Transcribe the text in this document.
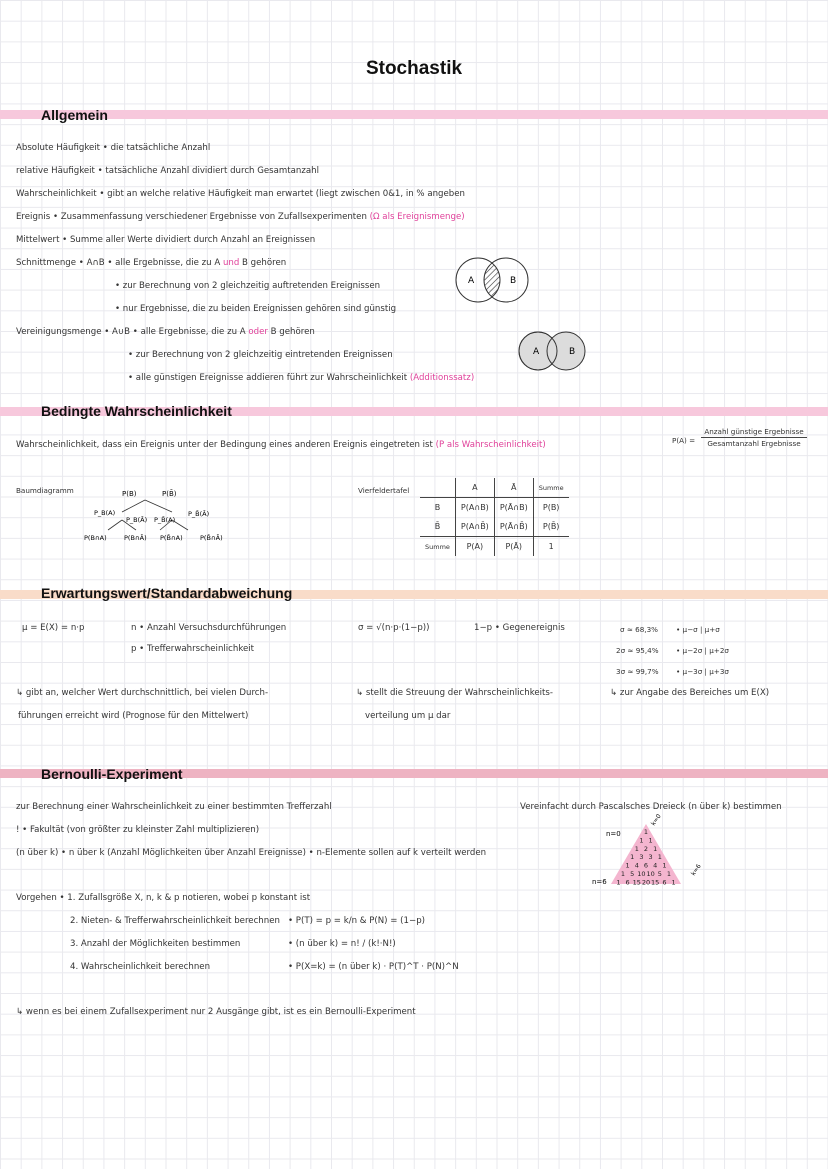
Stochastik
Allgemein
Absolute Häufigkeit • die tatsächliche Anzahl
relative Häufigkeit • tatsächliche Anzahl dividiert durch Gesamtanzahl
Wahrscheinlichkeit • gibt an welche relative Häufigkeit man erwartet (liegt zwischen 0&1, in % angeben
Ereignis • Zusammenfassung verschiedener Ergebnisse von Zufallsexperimenten (Ω als Ereignismenge)
Mittelwert • Summe aller Werte dividiert durch Anzahl an Ereignissen
Schnittmenge • A∩B • alle Ergebnisse, die zu A und B gehören
• zur Berechnung von 2 gleichzeitig auftretenden Ereignissen
• nur Ergebnisse, die zu beiden Ereignissen gehören sind günstig
Vereinigungsmenge • A∪B • alle Ergebnisse, die zu A oder B gehören
• zur Berechnung von 2 gleichzeitig eintretenden Ereignissen
• alle günstigen Ereignisse addieren führt zur Wahrscheinlichkeit (Additionssatz)
A	B
A	B
Bedingte Wahrscheinlichkeit
Wahrscheinlichkeit, dass ein Ereignis unter der Bedingung eines anderen Ereignis eingetreten ist (P als Wahrscheinlichkeit)	P(A) =
Anzahl günstige Ergebnisse
Gesamtanzahl Ergebnisse
Baumdiagramm	P(B)	P(B̄)
P_B(A)
P_B(Ā) P_B̄(A)
P_B̄(Ā)
P(B∩A)	P(B∩Ā) P(B̄∩A)	P(B̄∩Ā)
Vierfeldertafel
		A	Ā	Summe
B	P(A∩B)	P(Ā∩B)	P(B)
B̄	P(A∩B̄)	P(Ā∩B̄)	P(B̄)
Summe	P(A)	P(Ā)	1
Erwartungswert/Standardabweichung
μ = E(X) = n·p	n • Anzahl Versuchsdurchführungen
p • Trefferwahrscheinlichkeit
σ = √(n·p·(1−p))	1−p • Gegenereignis	σ ≈ 68,3%	• μ−σ | μ+σ
2σ ≈ 95,4% • μ−2σ | μ+2σ
3σ ≈ 99,7% • μ−3σ | μ+3σ
↳ gibt an, welcher Wert durchschnittlich, bei vielen Durch-
führungen erreicht wird (Prognose für den Mittelwert)
↳ stellt die Streuung der Wahrscheinlichkeits-
verteilung um μ dar
↳ zur Angabe des Bereiches um E(X)
Bernoulli-Experiment
zur Berechnung einer Wahrscheinlichkeit zu einer bestimmten Trefferzahl
! • Fakultät (von größter zu kleinster Zahl multiplizieren)
(n über k) • n über k (Anzahl Möglichkeiten über Anzahl Ereignisse) • n-Elemente sollen auf k verteilt werden
Vereinfacht durch Pascalsches Dreieck (n über k) bestimmen
1
1 1
1 2 1
1 3 3 1
1 4 6 4 1
1 5 10 10 5 1
1 6 15 20 15 6 1
n=0
n=6
k=0
k=6
Vorgehen • 1. Zufallsgröße X, n, k & p notieren, wobei p konstant ist
2. Nieten- & Trefferwahrscheinlichkeit berechnen • P(T) = p = k/n & P(N) = (1−p)
3. Anzahl der Möglichkeiten bestimmen	• (n über k) = n! / (k!·N!)
4. Wahrscheinlichkeit berechnen	• P(X=k) = (n über k) · P(T)^T · P(N)^N
↳ wenn es bei einem Zufallsexperiment nur 2 Ausgänge gibt, ist es ein Bernoulli-Experiment
